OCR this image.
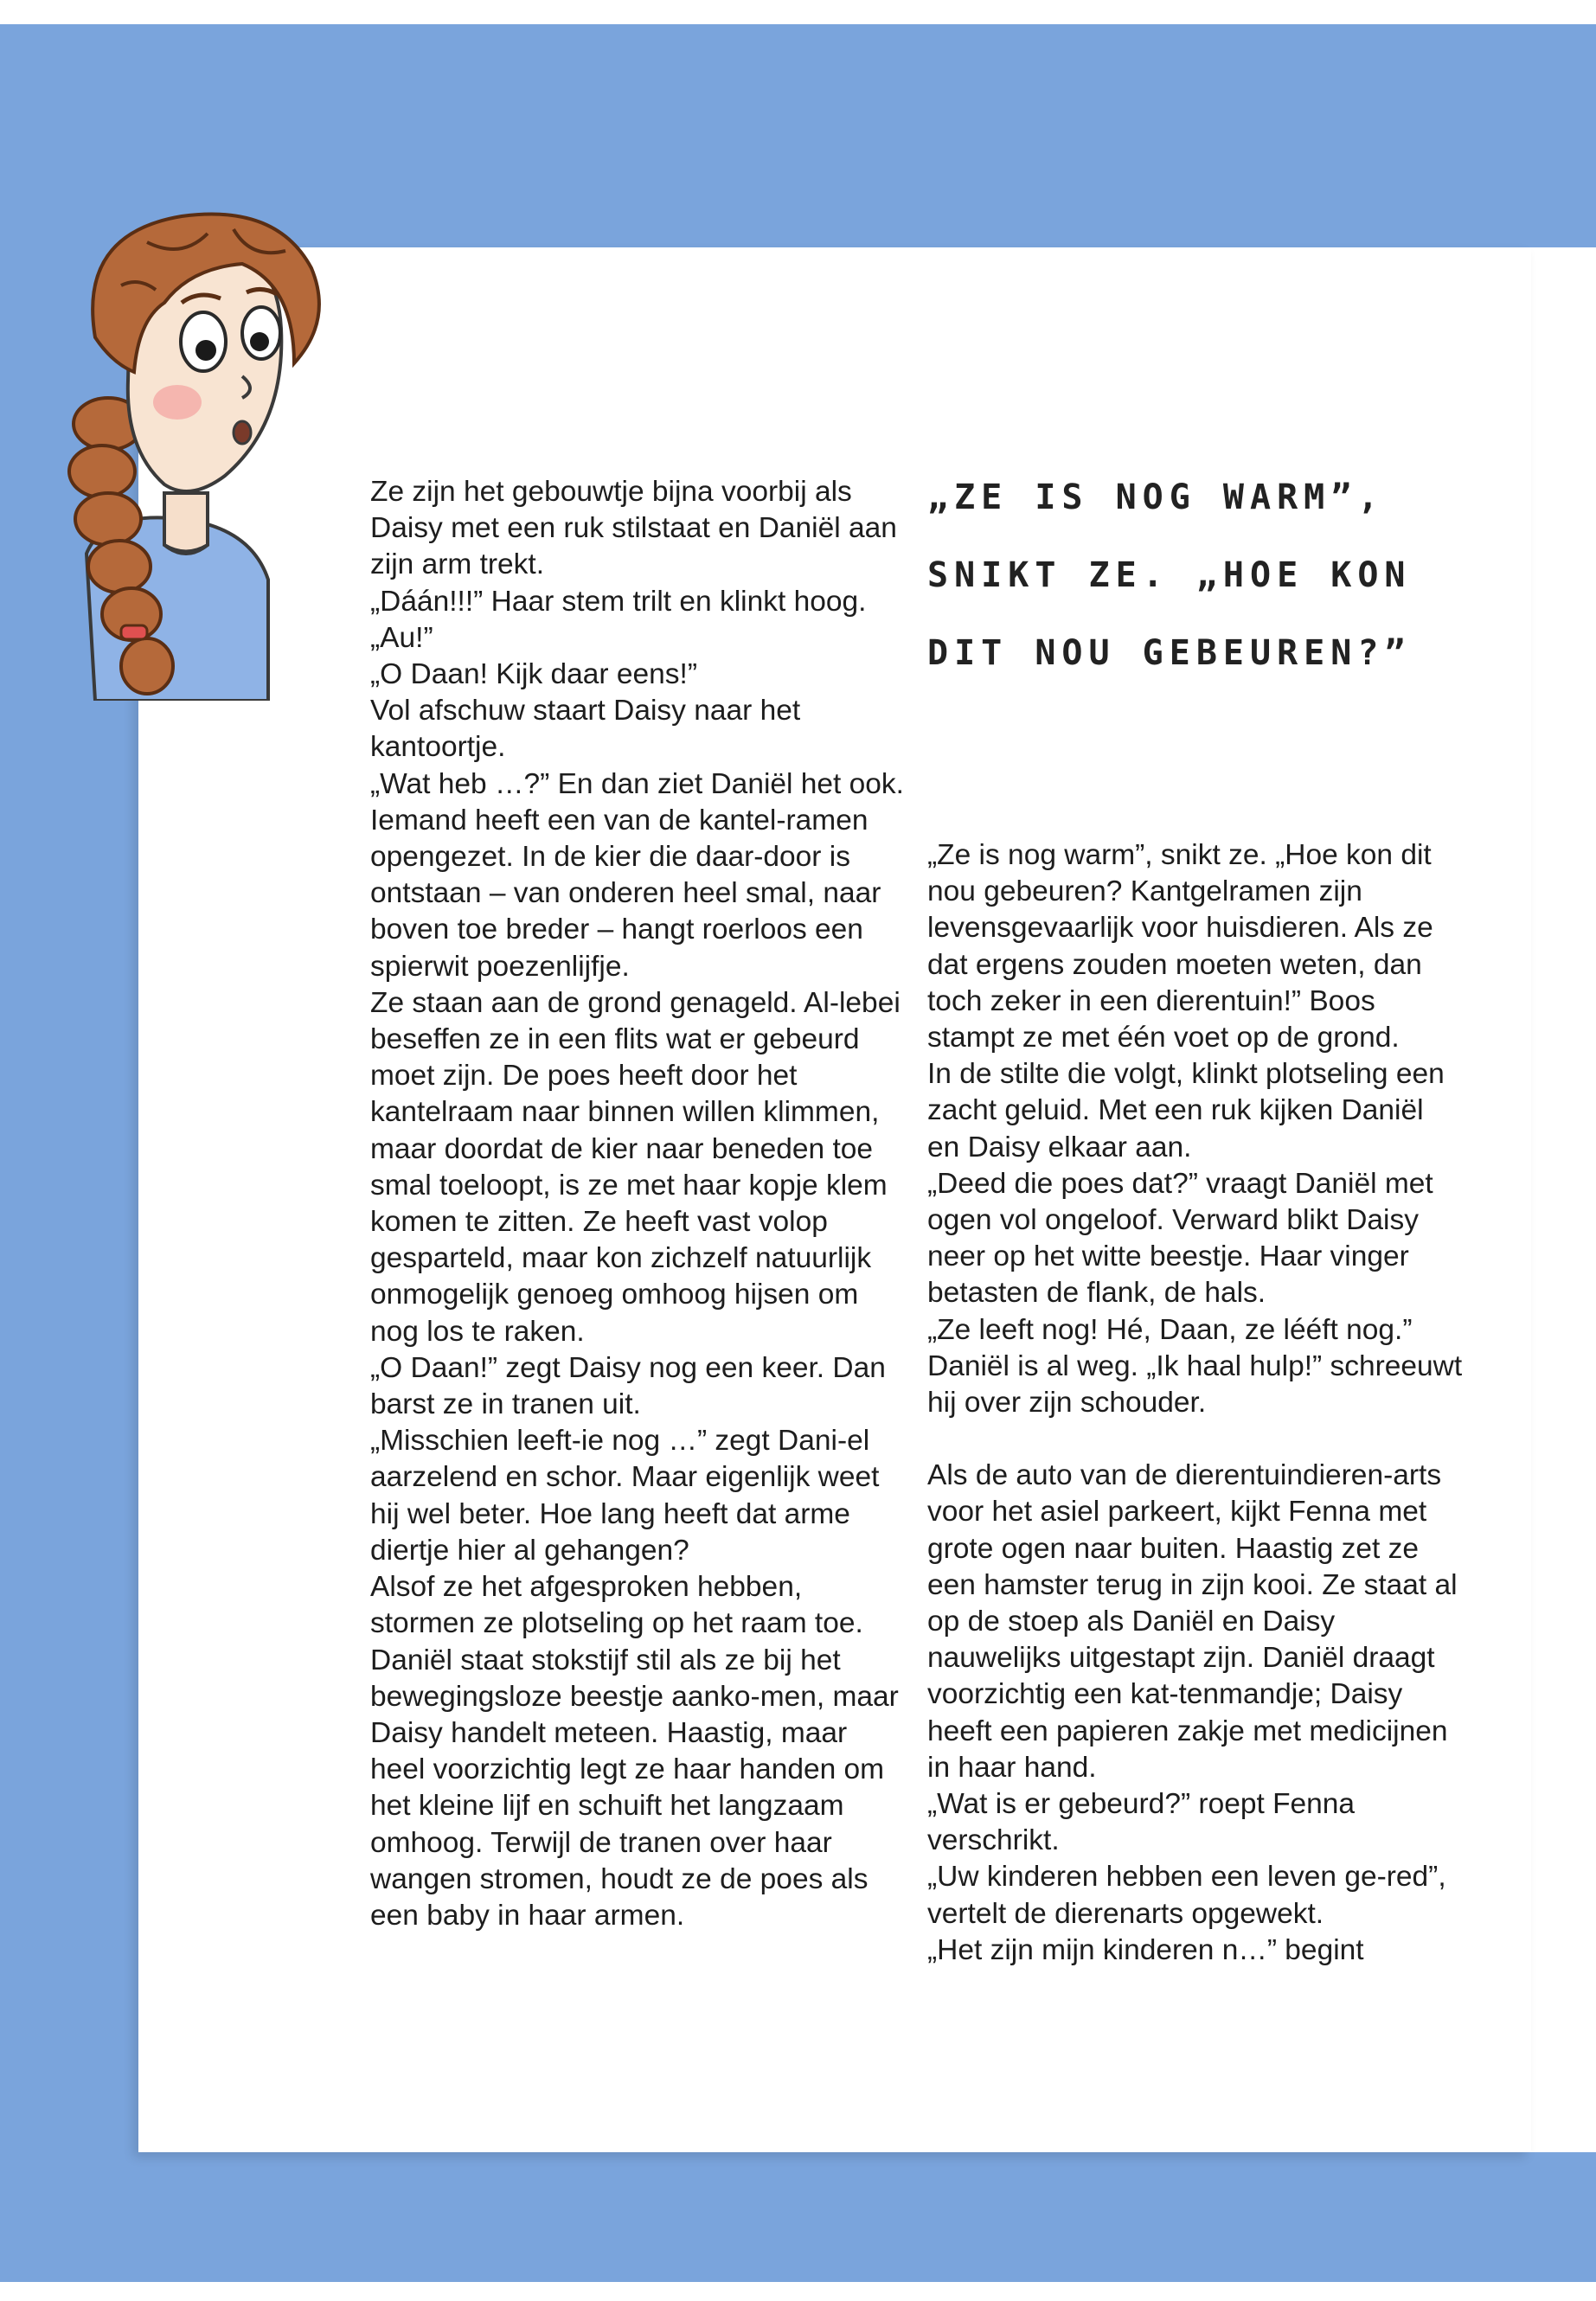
Ze zijn het gebouwtje bijna voorbij als Daisy met een ruk stilstaat en Daniël aan zijn arm trekt.

„Dáán!!!” Haar stem trilt en klinkt hoog.

„Au!”

„O Daan! Kijk daar eens!”

Vol afschuw staart Daisy naar het kantoortje.

„Wat heb …?” En dan ziet Daniël het ook. Iemand heeft een van de kantel-ramen opengezet. In de kier die daar-door is ontstaan – van onderen heel smal, naar boven toe breder – hangt roerloos een spierwit poezenlijfje.

Ze staan aan de grond genageld. Al-lebei beseffen ze in een flits wat er gebeurd moet zijn. De poes heeft door het kantelraam naar binnen willen klimmen, maar doordat de kier naar beneden toe smal toeloopt, is ze met haar kopje klem komen te zitten. Ze heeft vast volop gesparteld, maar kon zichzelf natuurlijk onmogelijk genoeg omhoog hijsen om nog los te raken.

„O Daan!” zegt Daisy nog een keer. Dan barst ze in tranen uit.

„Misschien leeft-ie nog …” zegt Dani-el aarzelend en schor. Maar eigenlijk weet hij wel beter. Hoe lang heeft dat arme diertje hier al gehangen?

Alsof ze het afgesproken hebben, stormen ze plotseling op het raam toe. Daniël staat stokstijf stil als ze bij het bewegingsloze beestje aanko-men, maar Daisy handelt meteen. Haastig, maar heel voorzichtig legt ze haar handen om het kleine lijf en schuift het langzaam omhoog. Terwijl de tranen over haar wangen stromen, houdt ze de poes als een baby in haar armen.

„ZE IS NOG WARM”, SNIKT ZE. „HOE KON DIT NOU GEBEUREN?”

„Ze is nog warm”, snikt ze. „Hoe kon dit nou gebeuren? Kantgelramen zijn levensgevaarlijk voor huisdieren. Als ze dat ergens zouden moeten weten, dan toch zeker in een dierentuin!” Boos stampt ze met één voet op de grond.

In de stilte die volgt, klinkt plotseling een zacht geluid. Met een ruk kijken Daniël en Daisy elkaar aan.

„Deed die poes dat?” vraagt Daniël met ogen vol ongeloof. Verward blikt Daisy neer op het witte beestje. Haar vinger betasten de flank, de hals.

„Ze leeft nog! Hé, Daan, ze lééft nog.” Daniël is al weg. „Ik haal hulp!” schreeuwt hij over zijn schouder.

Als de auto van de dierentuindieren-arts voor het asiel parkeert, kijkt Fenna met grote ogen naar buiten. Haastig zet ze een hamster terug in zijn kooi. Ze staat al op de stoep als Daniël en Daisy nauwelijks uitgestapt zijn. Daniël draagt voorzichtig een kat-tenmandje; Daisy heeft een papieren zakje met medicijnen in haar hand.

„Wat is er gebeurd?” roept Fenna verschrikt.

„Uw kinderen hebben een leven ge-red”, vertelt de dierenarts opgewekt.

„Het zijn mijn kinderen n…” begint
